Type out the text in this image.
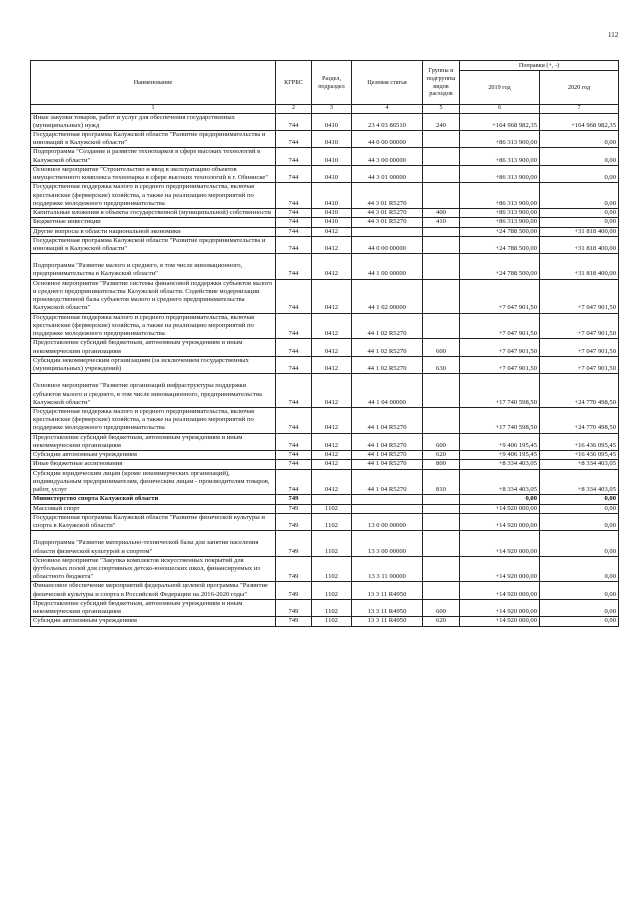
112
Наименование	КГРБС	Раздел, подраздел	Целевая статья	Группы и подгруппы видов расходов	Поправки (+, -)	
					2019 год	2020 год
1	2	3	4	5	6	7
Иные закупки товаров, работ и услуг для обеспечения государственных (муниципальных) нужд	744	0410	23 4 03 86510	240	+164 968 982,35	+164 968 982,35
Государственная программа Калужской области "Развитие предпринимательства и инноваций в Калужской области"	744	0410	44 0 00 00000		+86 313 900,00	0,00
Подпрограмма "Создание и развитие технопарков в сфере высоких технологий в Калужской области"	744	0410	44 3 00 00000		+86 313 900,00	0,00
Основное мероприятие "Строительство и ввод в эксплуатацию объектов имущественного комплекса технопарка в сфере высоких технологий в г. Обнинске"	744	0410	44 3 01 00000		+86 313 900,00	0,00
Государственная поддержка малого и среднего предпринимательства, включая крестьянские (фермерские) хозяйства, а также на реализацию мероприятий по поддержке молодежного предпринимательства	744	0410	44 3 01 R5270		+86 313 900,00	0,00
Капитальные вложения в объекты государственной (муниципальной) собственности	744	0410	44 3 01 R5270	400	+86 313 900,00	0,00
Бюджетные инвестиции	744	0410	44 3 01 R5270	410	+86 313 900,00	0,00
Другие вопросы в области национальной экономики	744	0412			+24 788 500,00	+31 818 400,00
Государственная программа Калужской области "Развитие предпринимательства и инноваций в Калужской области"	744	0412	44 0 00 00000		+24 788 500,00	+31 818 400,00
Подпрограмма "Развитие малого и среднего, в том числе инновационного, предпринимательства в Калужской области"	744	0412	44 1 00 00000		+24 788 500,00	+31 818 400,00
Основное мероприятие "Развитие системы финансовой поддержки субъектов малого и среднего предпринимательства Калужской области. Содействие модернизации производственной базы субъектов малого и среднего предпринимательства Калужской области"	744	0412	44 1 02 00000		+7 047 901,50	+7 047 901,50
Государственная поддержка малого и среднего предпринимательства, включая крестьянские (фермерские) хозяйства, а также на реализацию мероприятий по поддержке молодежного предпринимательства	744	0412	44 1 02 R5270		+7 047 901,50	+7 047 901,50
Предоставление субсидий бюджетным, автономным учреждениям и иным некоммерческим организациям	744	0412	44 1 02 R5270	600	+7 047 901,50	+7 047 901,50
Субсидии некоммерческим организациям (за исключением государственных (муниципальных) учреждений)	744	0412	44 1 02 R5270	630	+7 047 901,50	+7 047 901,50
Основное мероприятие "Развитие организаций инфраструктуры поддержки субъектов малого и среднего, в том числе инновационного, предпринимательства Калужской области"	744	0412	44 1 04 00000		+17 740 598,50	+24 770 498,50
Государственная поддержка малого и среднего предпринимательства, включая крестьянские (фермерские) хозяйства, а также на реализацию мероприятий по поддержке молодежного предпринимательства	744	0412	44 1 04 R5270		+17 740 598,50	+24 770 498,50
Предоставление субсидий бюджетным, автономным учреждениям и иным некоммерческим организациям	744	0412	44 1 04 R5270	600	+9 406 195,45	+16 436 095,45
Субсидии автономным учреждениям	744	0412	44 1 04 R5270	620	+9 406 195,45	+16 436 095,45
Иные бюджетные ассигнования	744	0412	44 1 04 R5270	800	+8 334 403,05	+8 334 403,05
Субсидии юридическим лицам (кроме некоммерческих организаций), индивидуальным предпринимателям, физическим лицам - производителям товаров, работ, услуг	744	0412	44 1 04 R5270	810	+8 334 403,05	+8 334 403,05
Министерство спорта Калужской области	749				0,00	0,00
Массовый спорт	749	1102			+14 920 000,00	0,00
Государственная программа Калужской области "Развитие физической культуры и спорта в Калужской области"	749	1102	13 0 00 00000		+14 920 000,00	0,00
Подпрограмма "Развитие материально-технической базы для занятия населения области физической культурой и спортом"	749	1102	13 3 00 00000		+14 920 000,00	0,00
Основное мероприятие "Закупка комплектов искусственных покрытий для футбольных полей для спортивных детско-юношеских школ, финансируемых из областного бюджета"	749	1102	13 3 11 00000		+14 920 000,00	0,00
Финансовое обеспечение мероприятий федеральной целевой программы "Развитие физической культуры и спорта в Российской Федерации на 2016-2020 годы"	749	1102	13 3 11 R4950		+14 920 000,00	0,00
Предоставление субсидий бюджетным, автономным учреждениям и иным некоммерческим организациям	749	1102	13 3 11 R4950	600	+14 920 000,00	0,00
Субсидии автономным учреждениям	749	1102	13 3 11 R4950	620	+14 920 000,00	0,00
